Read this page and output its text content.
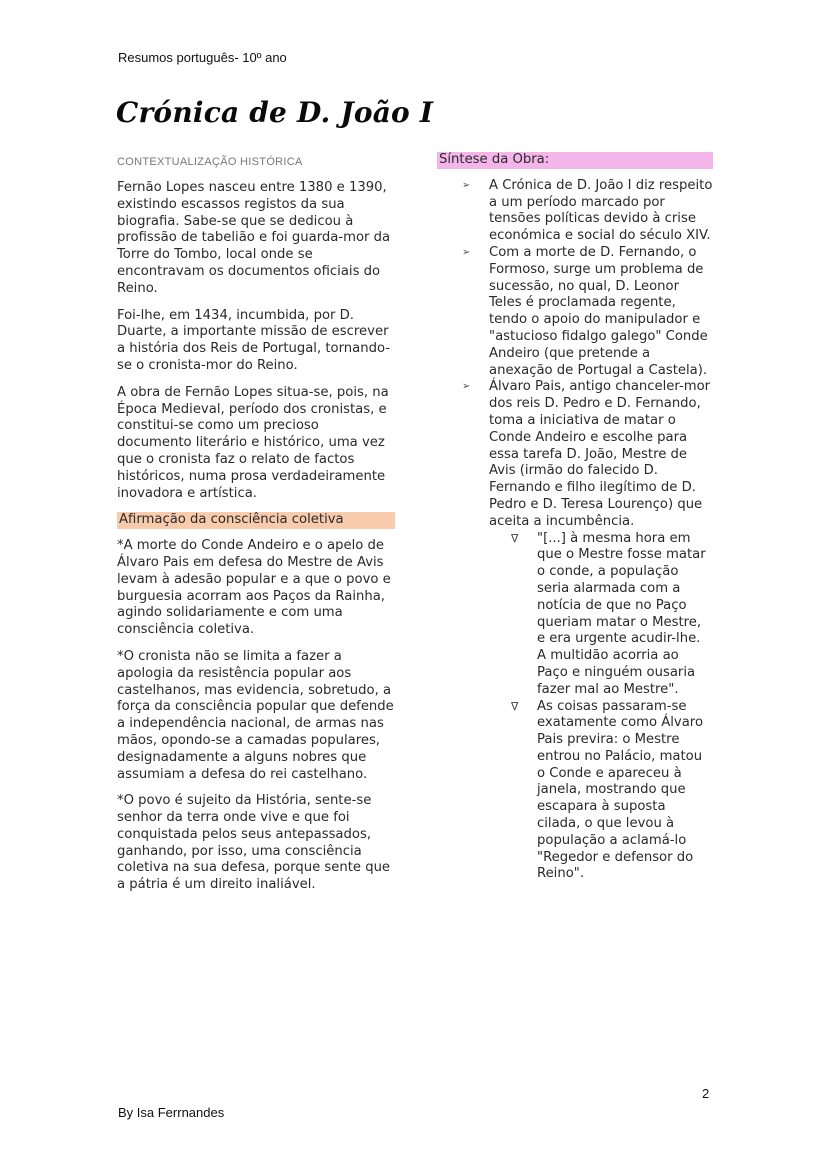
Resumos português- 10º ano
Crónica de D. João I
CONTEXTUALIZAÇÃO HISTÓRICA

Fernão Lopes nasceu entre 1380 e 1390, existindo escassos registos da sua biografia. Sabe-se que se dedicou à profissão de tabelião e foi guarda-mor da Torre do Tombo, local onde se encontravam os documentos oficiais do Reino.

Foi-lhe, em 1434, incumbida, por D. Duarte, a importante missão de escrever a história dos Reis de Portugal, tornando-se o cronista-mor do Reino.

A obra de Fernão Lopes situa-se, pois, na Época Medieval, período dos cronistas, e constitui-se como um precioso documento literário e histórico, uma vez que o cronista faz o relato de factos históricos, numa prosa verdadeiramente inovadora e artística.

Afirmação da consciência coletiva

*A morte do Conde Andeiro e o apelo de Álvaro Pais em defesa do Mestre de Avis levam à adesão popular e a que o povo e burguesia acorram aos Paços da Rainha, agindo solidariamente e com uma consciência coletiva.

*O cronista não se limita a fazer a apologia da resistência popular aos castelhanos, mas evidencia, sobretudo, a força da consciência popular que defende a independência nacional, de armas nas mãos, opondo-se a camadas populares, designadamente a alguns nobres que assumiam a defesa do rei castelhano.

*O povo é sujeito da História, sente-se senhor da terra onde vive e que foi conquistada pelos seus antepassados, ganhando, por isso, uma consciência coletiva na sua defesa, porque sente que a pátria é um direito inaliável.

Síntese da Obra:
➢ A Crónica de D. João I diz respeito a um período marcado por tensões políticas devido à crise económica e social do século XIV.
➢ Com a morte de D. Fernando, o Formoso, surge um problema de sucessão, no qual, D. Leonor Teles é proclamada regente, tendo o apoio do manipulador e "astucioso fidalgo galego" Conde Andeiro (que pretende a anexação de Portugal a Castela).
➢ Álvaro Pais, antigo chanceler-mor dos reis D. Pedro e D. Fernando, toma a iniciativa de matar o Conde Andeiro e escolhe para essa tarefa D. João, Mestre de Avis (irmão do falecido D. Fernando e filho ilegítimo de D. Pedro e D. Teresa Lourenço) que aceita a incumbência.
∇ "[...] à mesma hora em que o Mestre fosse matar o conde, a população seria alarmada com a notícia de que no Paço queriam matar o Mestre, e era urgente acudir-lhe. A multidão acorria ao Paço e ninguém ousaria fazer mal ao Mestre".
∇ As coisas passaram-se exatamente como Álvaro Pais previra: o Mestre entrou no Palácio, matou o Conde e apareceu à janela, mostrando que escapara à suposta cilada, o que levou à população a aclamá-lo "Regedor e defensor do Reino".
2
By Isa Ferrnandes
